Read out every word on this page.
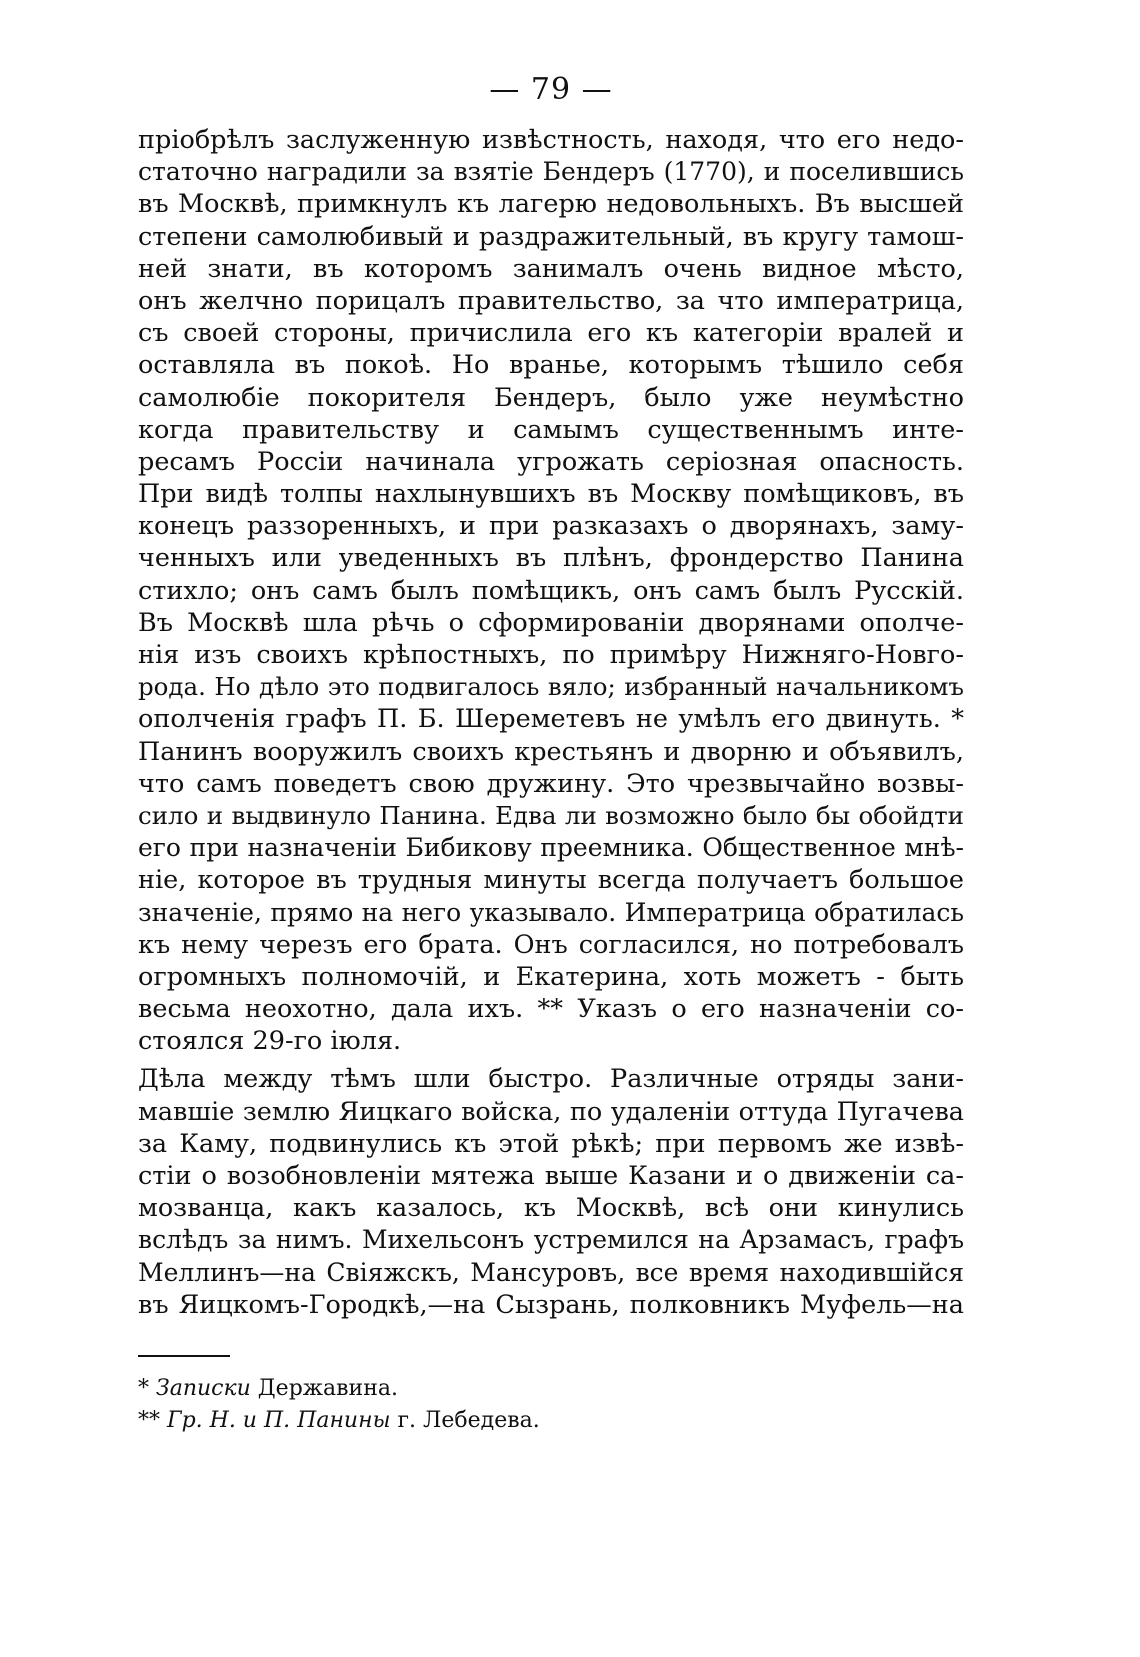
— 79 —
пріобрѣлъ заслуженную извѣстность, находя, что его недо-
статочно наградили за взятіе Бендеръ (1770), и поселившись
въ Москвѣ, примкнулъ къ лагерю недовольныхъ. Въ высшей
степени самолюбивый и раздражительный, въ кругу тамош-
ней знати, въ которомъ занималъ очень видное мѣсто,
онъ желчно порицалъ правительство, за что императрица,
съ своей стороны, причислила его къ категоріи вралей и
оставляла въ покоѣ. Но вранье, которымъ тѣшило себя
самолюбіе покорителя Бендеръ, было уже неумѣстно
когда правительству и самымъ существеннымъ инте-
ресамъ Россіи начинала угрожать серіозная опасность.
При видѣ толпы нахлынувшихъ въ Москву помѣщиковъ, въ
конецъ раззоренныхъ, и при разказахъ о дворянахъ, заму-
ченныхъ или уведенныхъ въ плѣнъ, фрондерство Панина
стихло; онъ самъ былъ помѣщикъ, онъ самъ былъ Русскій.
Въ Москвѣ шла рѣчь о сформированіи дворянами ополче-
нія изъ своихъ крѣпостныхъ, по примѣру Нижняго-Новго-
рода. Но дѣло это подвигалось вяло; избранный начальникомъ
ополченія графъ П. Б. Шереметевъ не умѣлъ его двинуть. *
Панинъ вооружилъ своихъ крестьянъ и дворню и объявилъ,
что самъ поведетъ свою дружину. Это чрезвычайно возвы-
сило и выдвинуло Панина. Едва ли возможно было бы обойдти
его при назначеніи Бибикову преемника. Общественное мнѣ-
ніе, которое въ трудныя минуты всегда получаетъ большое
значеніе, прямо на него указывало. Императрица обратилась
къ нему черезъ его брата. Онъ согласился, но потребовалъ
огромныхъ полномочій, и Екатерина, хоть можетъ - быть
весьма неохотно, дала ихъ. ** Указъ о его назначеніи со-
стоялся 29-го іюля.
Дѣла между тѣмъ шли быстро. Различные отряды зани-
мавшіе землю Яицкаго войска, по удаленіи оттуда Пугачева
за Каму, подвинулись къ этой рѣкѣ; при первомъ же извѣ-
стіи о возобновленіи мятежа выше Казани и о движеніи са-
мозванца, какъ казалось, къ Москвѣ, всѣ они кинулись
вслѣдъ за нимъ. Михельсонъ устремился на Арзамасъ, графъ
Меллинъ—на Свіяжскъ, Мансуровъ, все время находившійся
въ Яицкомъ-Городкѣ,—на Сызрань, полковникъ Муфель—на

* Записки Державина.

** Гр. Н. и П. Панины г. Лебедева.
